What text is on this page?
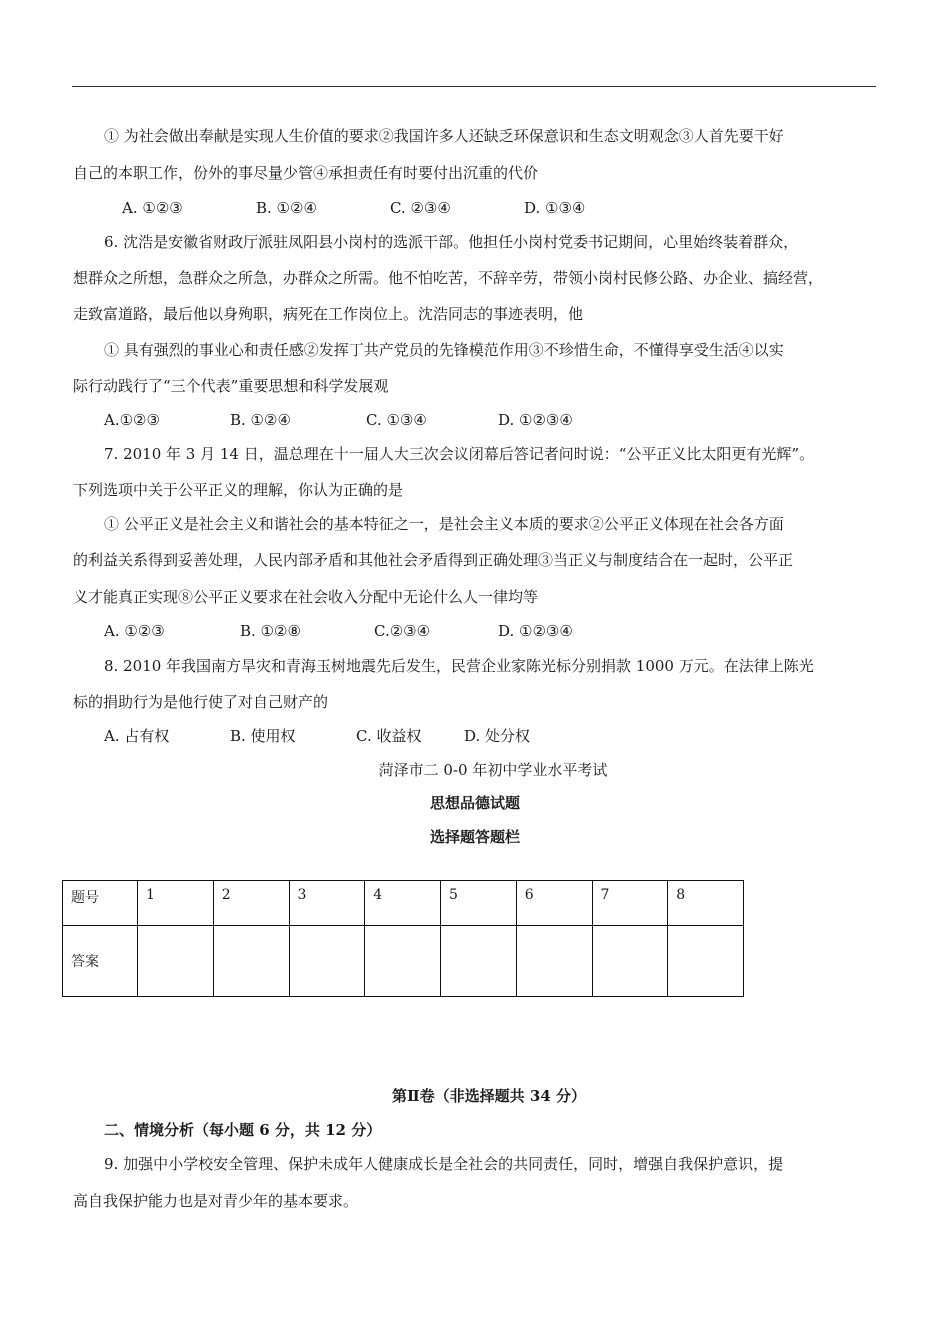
① 为社会做出奉献是实现人生价值的要求②我国许多人还缺乏环保意识和生态文明观念③人首先要干好
自己的本职工作，份外的事尽量少管④承担责任有时要付出沉重的代价
A. ①②③	B. ①②④	C. ②③④	D. ①③④
6. 沈浩是安徽省财政厅派驻凤阳县小岗村的选派干部。他担任小岗村党委书记期间，心里始终装着群众，
想群众之所想，急群众之所急，办群众之所需。他不怕吃苦，不辞辛劳，带领小岗村民修公路、办企业、搞经营，
走致富道路，最后他以身殉职，病死在工作岗位上。沈浩同志的事迹表明，他
① 具有强烈的事业心和责任感②发挥丁共产党员的先锋模范作用③不珍惜生命，不懂得享受生活④以实
际行动践行了“三个代表”重要思想和科学发展观
A.①②③	B. ①②④	C. ①③④	D. ①②③④
7. 2010 年 3 月 14 日，温总理在十一届人大三次会议闭幕后答记者问时说：“公平正义比太阳更有光辉”。
下列选项中关于公平正义的理解，你认为正确的是
① 公平正义是社会主义和谐社会的基本特征之一，是社会主义本质的要求②公平正义体现在社会各方面
的利益关系得到妥善处理，人民内部矛盾和其他社会矛盾得到正确处理③当正义与制度结合在一起时，公平正
义才能真正实现⑧公平正义要求在社会收入分配中无论什么人一律均等
A. ①②③	B. ①②⑧	C.②③④	D. ①②③④
8. 2010 年我国南方旱灾和青海玉树地震先后发生，民营企业家陈光标分别捐款 1000 万元。在法律上陈光
标的捐助行为是他行使了对自己财产的
A. 占有权	B. 使用权	C. 收益权	D. 处分权
菏泽市二 0-0 年初中学业水平考试
思想品德试题
选择题答题栏
题号	1	2	3	4	5	6	7	8
答案								
第Ⅱ卷（非选择题共 34 分）
二、情境分析（每小题 6 分，共 12 分）
9. 加强中小学校安全管理、保护未成年人健康成长是全社会的共同责任，同时，增强自我保护意识，提
高自我保护能力也是对青少年的基本要求。
